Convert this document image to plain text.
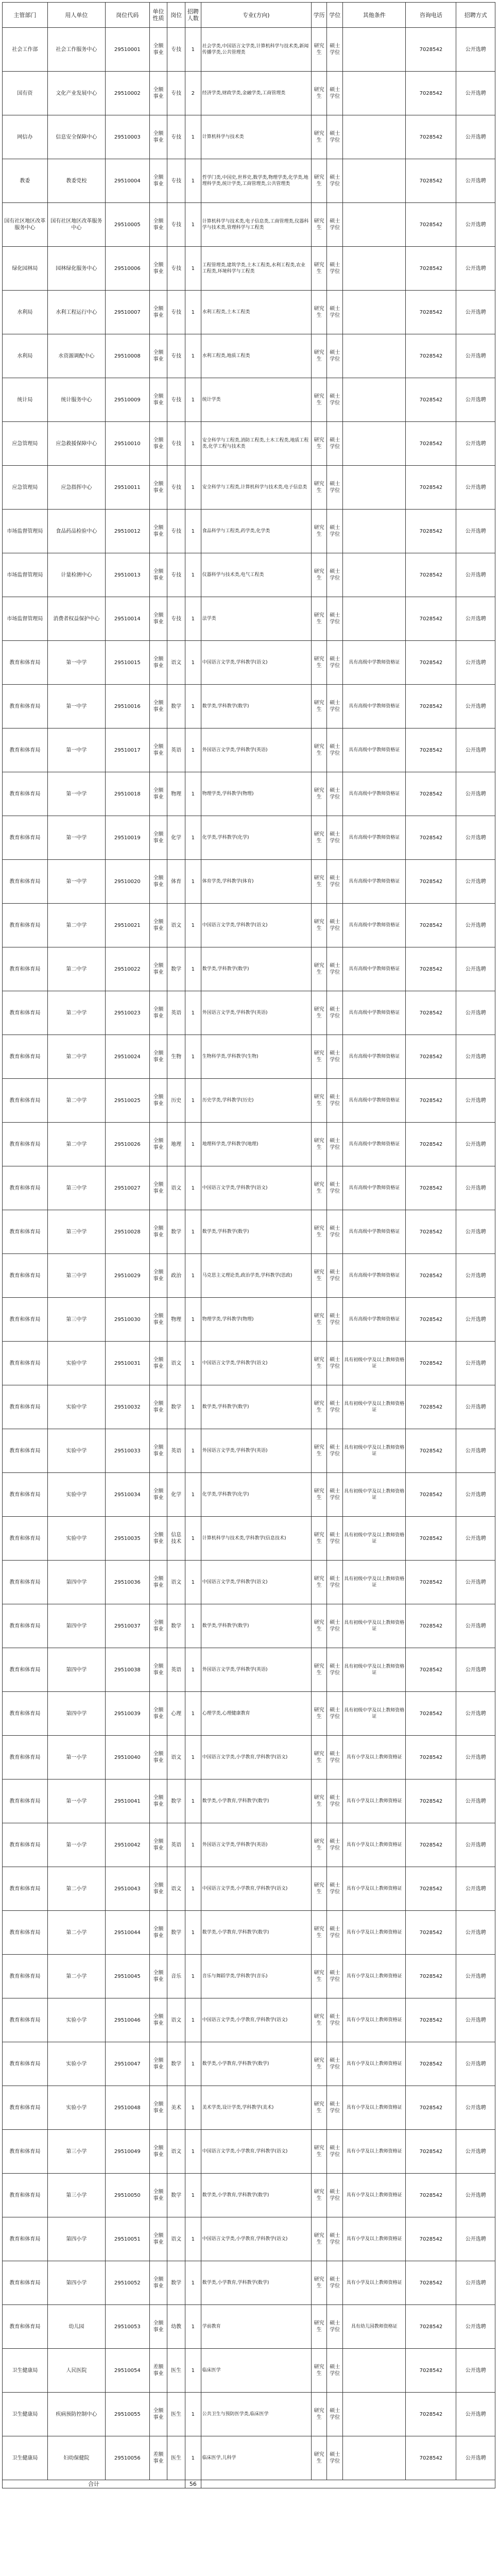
主管部门	用人单位	岗位代码	单位性质	岗位	招聘人数	专业(方向)	学历	学位	其他条件	咨询电话	招聘方式
社会工作部	社会工作服务中心	29510001	全额事业	专技	1	社会学类,中国语言文学类,计算机科学与技术类,新闻传播学类,公共管理类	研究生	硕士学位		7028542	公开选聘
国有资	文化产业发展中心	29510002	全额事业	专技	2	经济学类,财政学类,金融学类,工商管理类	研究生	硕士学位		7028542	公开选聘
网信办	信息安全保障中心	29510003	全额事业	专技	1	计算机科学与技术类	研究生	硕士学位		7028542	公开选聘
教委	教委党校	29510004	全额事业	专技	1	哲学门类,中国史,世界史,数学类,物理学类,化学类,地理科学类,统计学类,工商管理类,公共管理类	研究生	硕士学位		7028542	公开选聘
国有社区地区改革服务中心	国有社区地区改革服务中心	29510005	全额事业	专技	1	计算机科学与技术类,电子信息类,工商管理类,仪器科学与技术类,管理科学与工程类	研究生	硕士学位		7028542	公开选聘
绿化园林局	园林绿化服务中心	29510006	全额事业	专技	1	工程管理类,建筑学类,土木工程类,水利工程类,农业工程类,环境科学与工程类	研究生	硕士学位		7028542	公开选聘
水利局	水利工程运行中心	29510007	全额事业	专技	1	水利工程类,土木工程类	研究生	硕士学位		7028542	公开选聘
水利局	水资源调配中心	29510008	全额事业	专技	1	水利工程类,地质工程类	研究生	硕士学位		7028542	公开选聘
统计局	统计服务中心	29510009	全额事业	专技	1	统计学类	研究生	硕士学位		7028542	公开选聘
应急管理局	应急救援保障中心	29510010	全额事业	专技	1	安全科学与工程类,消防工程类,土木工程类,地质工程类,化学工程与技术类	研究生	硕士学位		7028542	公开选聘
应急管理局	应急指挥中心	29510011	全额事业	专技	1	安全科学与工程类,计算机科学与技术类,电子信息类	研究生	硕士学位		7028542	公开选聘
市场监督管理局	食品药品检验中心	29510012	全额事业	专技	1	食品科学与工程类,药学类,化学类	研究生	硕士学位		7028542	公开选聘
市场监督管理局	计量检测中心	29510013	全额事业	专技	1	仪器科学与技术类,电气工程类	研究生	硕士学位		7028542	公开选聘
市场监督管理局	消费者权益保护中心	29510014	全额事业	专技	1	法学类	研究生	硕士学位		7028542	公开选聘
教育和体育局	第一中学	29510015	全额事业	语文	1	中国语言文学类,学科教学(语文)	研究生	硕士学位	具有高级中学教师资格证	7028542	公开选聘
教育和体育局	第一中学	29510016	全额事业	数学	1	数学类,学科教学(数学)	研究生	硕士学位	具有高级中学教师资格证	7028542	公开选聘
教育和体育局	第一中学	29510017	全额事业	英语	1	外国语言文学类,学科教学(英语)	研究生	硕士学位	具有高级中学教师资格证	7028542	公开选聘
教育和体育局	第一中学	29510018	全额事业	物理	1	物理学类,学科教学(物理)	研究生	硕士学位	具有高级中学教师资格证	7028542	公开选聘
教育和体育局	第一中学	29510019	全额事业	化学	1	化学类,学科教学(化学)	研究生	硕士学位	具有高级中学教师资格证	7028542	公开选聘
教育和体育局	第一中学	29510020	全额事业	体育	1	体育学类,学科教学(体育)	研究生	硕士学位	具有高级中学教师资格证	7028542	公开选聘
教育和体育局	第二中学	29510021	全额事业	语文	1	中国语言文学类,学科教学(语文)	研究生	硕士学位	具有高级中学教师资格证	7028542	公开选聘
教育和体育局	第二中学	29510022	全额事业	数学	1	数学类,学科教学(数学)	研究生	硕士学位	具有高级中学教师资格证	7028542	公开选聘
教育和体育局	第二中学	29510023	全额事业	英语	1	外国语言文学类,学科教学(英语)	研究生	硕士学位	具有高级中学教师资格证	7028542	公开选聘
教育和体育局	第二中学	29510024	全额事业	生物	1	生物科学类,学科教学(生物)	研究生	硕士学位	具有高级中学教师资格证	7028542	公开选聘
教育和体育局	第二中学	29510025	全额事业	历史	1	历史学类,学科教学(历史)	研究生	硕士学位	具有高级中学教师资格证	7028542	公开选聘
教育和体育局	第二中学	29510026	全额事业	地理	1	地理科学类,学科教学(地理)	研究生	硕士学位	具有高级中学教师资格证	7028542	公开选聘
教育和体育局	第三中学	29510027	全额事业	语文	1	中国语言文学类,学科教学(语文)	研究生	硕士学位	具有高级中学教师资格证	7028542	公开选聘
教育和体育局	第三中学	29510028	全额事业	数学	1	数学类,学科教学(数学)	研究生	硕士学位	具有高级中学教师资格证	7028542	公开选聘
教育和体育局	第三中学	29510029	全额事业	政治	1	马克思主义理论类,政治学类,学科教学(思政)	研究生	硕士学位	具有高级中学教师资格证	7028542	公开选聘
教育和体育局	第三中学	29510030	全额事业	物理	1	物理学类,学科教学(物理)	研究生	硕士学位	具有高级中学教师资格证	7028542	公开选聘
教育和体育局	实验中学	29510031	全额事业	语文	1	中国语言文学类,学科教学(语文)	研究生	硕士学位	具有初级中学及以上教师资格证	7028542	公开选聘
教育和体育局	实验中学	29510032	全额事业	数学	1	数学类,学科教学(数学)	研究生	硕士学位	具有初级中学及以上教师资格证	7028542	公开选聘
教育和体育局	实验中学	29510033	全额事业	英语	1	外国语言文学类,学科教学(英语)	研究生	硕士学位	具有初级中学及以上教师资格证	7028542	公开选聘
教育和体育局	实验中学	29510034	全额事业	化学	1	化学类,学科教学(化学)	研究生	硕士学位	具有初级中学及以上教师资格证	7028542	公开选聘
教育和体育局	实验中学	29510035	全额事业	信息技术	1	计算机科学与技术类,学科教学(信息技术)	研究生	硕士学位	具有初级中学及以上教师资格证	7028542	公开选聘
教育和体育局	第四中学	29510036	全额事业	语文	1	中国语言文学类,学科教学(语文)	研究生	硕士学位	具有初级中学及以上教师资格证	7028542	公开选聘
教育和体育局	第四中学	29510037	全额事业	数学	1	数学类,学科教学(数学)	研究生	硕士学位	具有初级中学及以上教师资格证	7028542	公开选聘
教育和体育局	第四中学	29510038	全额事业	英语	1	外国语言文学类,学科教学(英语)	研究生	硕士学位	具有初级中学及以上教师资格证	7028542	公开选聘
教育和体育局	第四中学	29510039	全额事业	心理	1	心理学类,心理健康教育	研究生	硕士学位	具有初级中学及以上教师资格证	7028542	公开选聘
教育和体育局	第一小学	29510040	全额事业	语文	1	中国语言文学类,小学教育,学科教学(语文)	研究生	硕士学位	具有小学及以上教师资格证	7028542	公开选聘
教育和体育局	第一小学	29510041	全额事业	数学	1	数学类,小学教育,学科教学(数学)	研究生	硕士学位	具有小学及以上教师资格证	7028542	公开选聘
教育和体育局	第一小学	29510042	全额事业	英语	1	外国语言文学类,学科教学(英语)	研究生	硕士学位	具有小学及以上教师资格证	7028542	公开选聘
教育和体育局	第二小学	29510043	全额事业	语文	1	中国语言文学类,小学教育,学科教学(语文)	研究生	硕士学位	具有小学及以上教师资格证	7028542	公开选聘
教育和体育局	第二小学	29510044	全额事业	数学	1	数学类,小学教育,学科教学(数学)	研究生	硕士学位	具有小学及以上教师资格证	7028542	公开选聘
教育和体育局	第二小学	29510045	全额事业	音乐	1	音乐与舞蹈学类,学科教学(音乐)	研究生	硕士学位	具有小学及以上教师资格证	7028542	公开选聘
教育和体育局	实验小学	29510046	全额事业	语文	1	中国语言文学类,小学教育,学科教学(语文)	研究生	硕士学位	具有小学及以上教师资格证	7028542	公开选聘
教育和体育局	实验小学	29510047	全额事业	数学	1	数学类,小学教育,学科教学(数学)	研究生	硕士学位	具有小学及以上教师资格证	7028542	公开选聘
教育和体育局	实验小学	29510048	全额事业	美术	1	美术学类,设计学类,学科教学(美术)	研究生	硕士学位	具有小学及以上教师资格证	7028542	公开选聘
教育和体育局	第三小学	29510049	全额事业	语文	1	中国语言文学类,小学教育,学科教学(语文)	研究生	硕士学位	具有小学及以上教师资格证	7028542	公开选聘
教育和体育局	第三小学	29510050	全额事业	数学	1	数学类,小学教育,学科教学(数学)	研究生	硕士学位	具有小学及以上教师资格证	7028542	公开选聘
教育和体育局	第四小学	29510051	全额事业	语文	1	中国语言文学类,小学教育,学科教学(语文)	研究生	硕士学位	具有小学及以上教师资格证	7028542	公开选聘
教育和体育局	第四小学	29510052	全额事业	数学	1	数学类,小学教育,学科教学(数学)	研究生	硕士学位	具有小学及以上教师资格证	7028542	公开选聘
教育和体育局	幼儿园	29510053	全额事业	幼教	1	学前教育	研究生	硕士学位	具有幼儿园教师资格证	7028542	公开选聘
卫生健康局	人民医院	29510054	差额事业	医生	1	临床医学	研究生	硕士学位		7028542	公开选聘
卫生健康局	疾病预防控制中心	29510055	全额事业	医生	1	公共卫生与预防医学类,临床医学	研究生	硕士学位		7028542	公开选聘
卫生健康局	妇幼保健院	29510056	差额事业	医生	1	临床医学,儿科学	研究生	硕士学位		7028542	公开选聘
合计					56						
